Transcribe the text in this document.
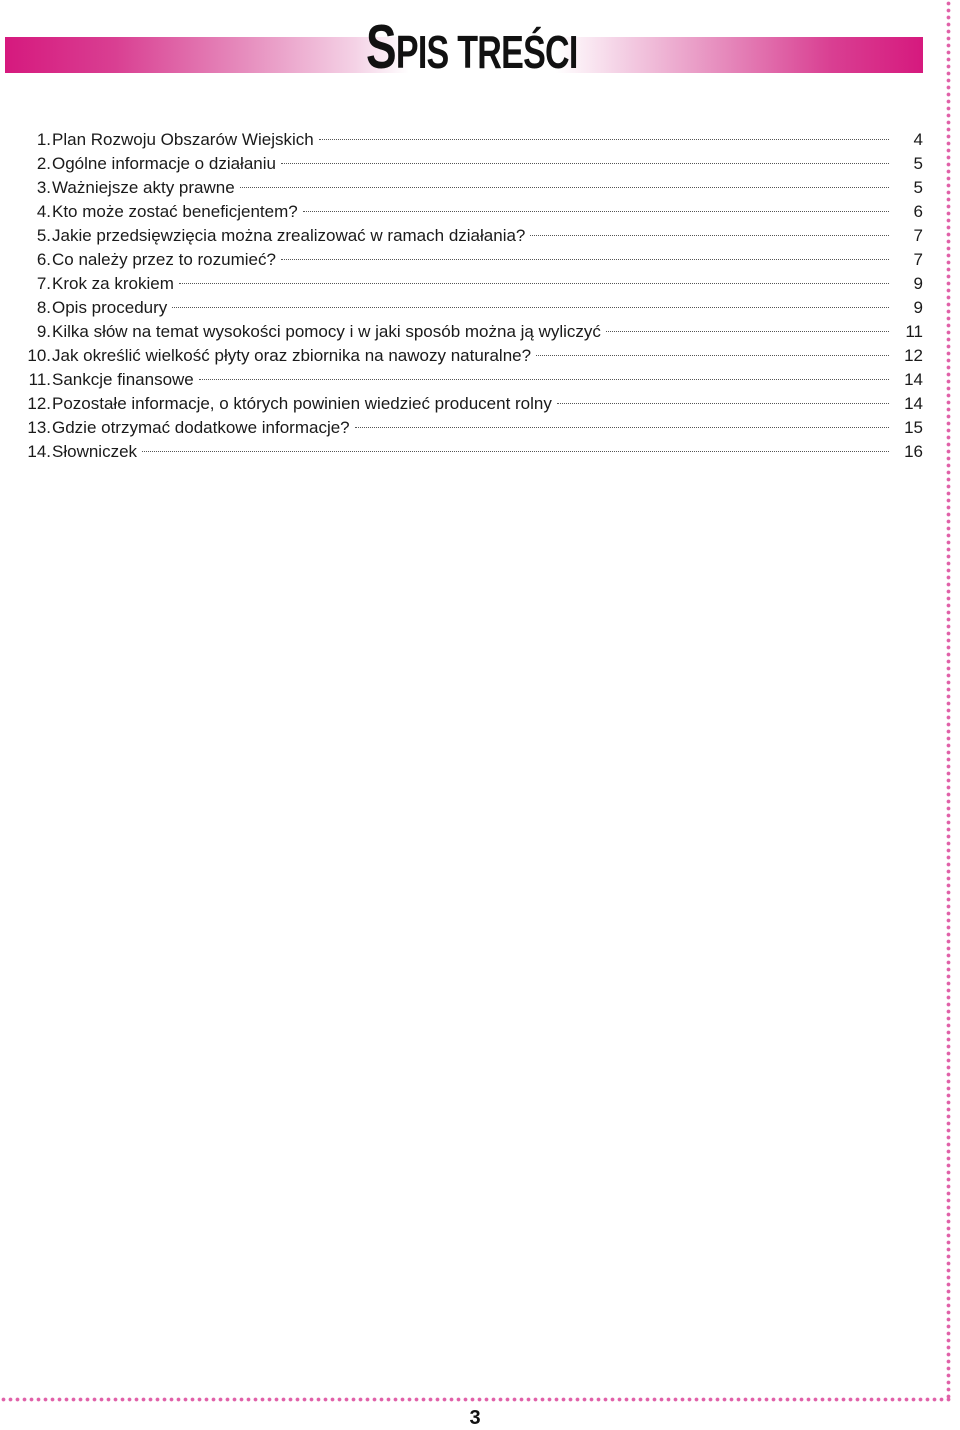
SPIS TREŚCI
1. Plan Rozwoju Obszarów Wiejskich	4
2. Ogólne informacje o działaniu	5
3. Ważniejsze akty prawne	5
4. Kto może zostać beneficjentem?	6
5. Jakie przedsięwzięcia można zrealizować w ramach działania?	7
6. Co należy przez to rozumieć?	7
7. Krok za krokiem	9
8. Opis procedury	9
9. Kilka słów na temat wysokości pomocy i w jaki sposób można ją wyliczyć	11
10. Jak określić wielkość płyty oraz zbiornika na nawozy naturalne?	12
11. Sankcje finansowe	14
12. Pozostałe informacje, o których powinien wiedzieć producent rolny	14
13. Gdzie otrzymać dodatkowe informacje?	15
14. Słowniczek	16
3
